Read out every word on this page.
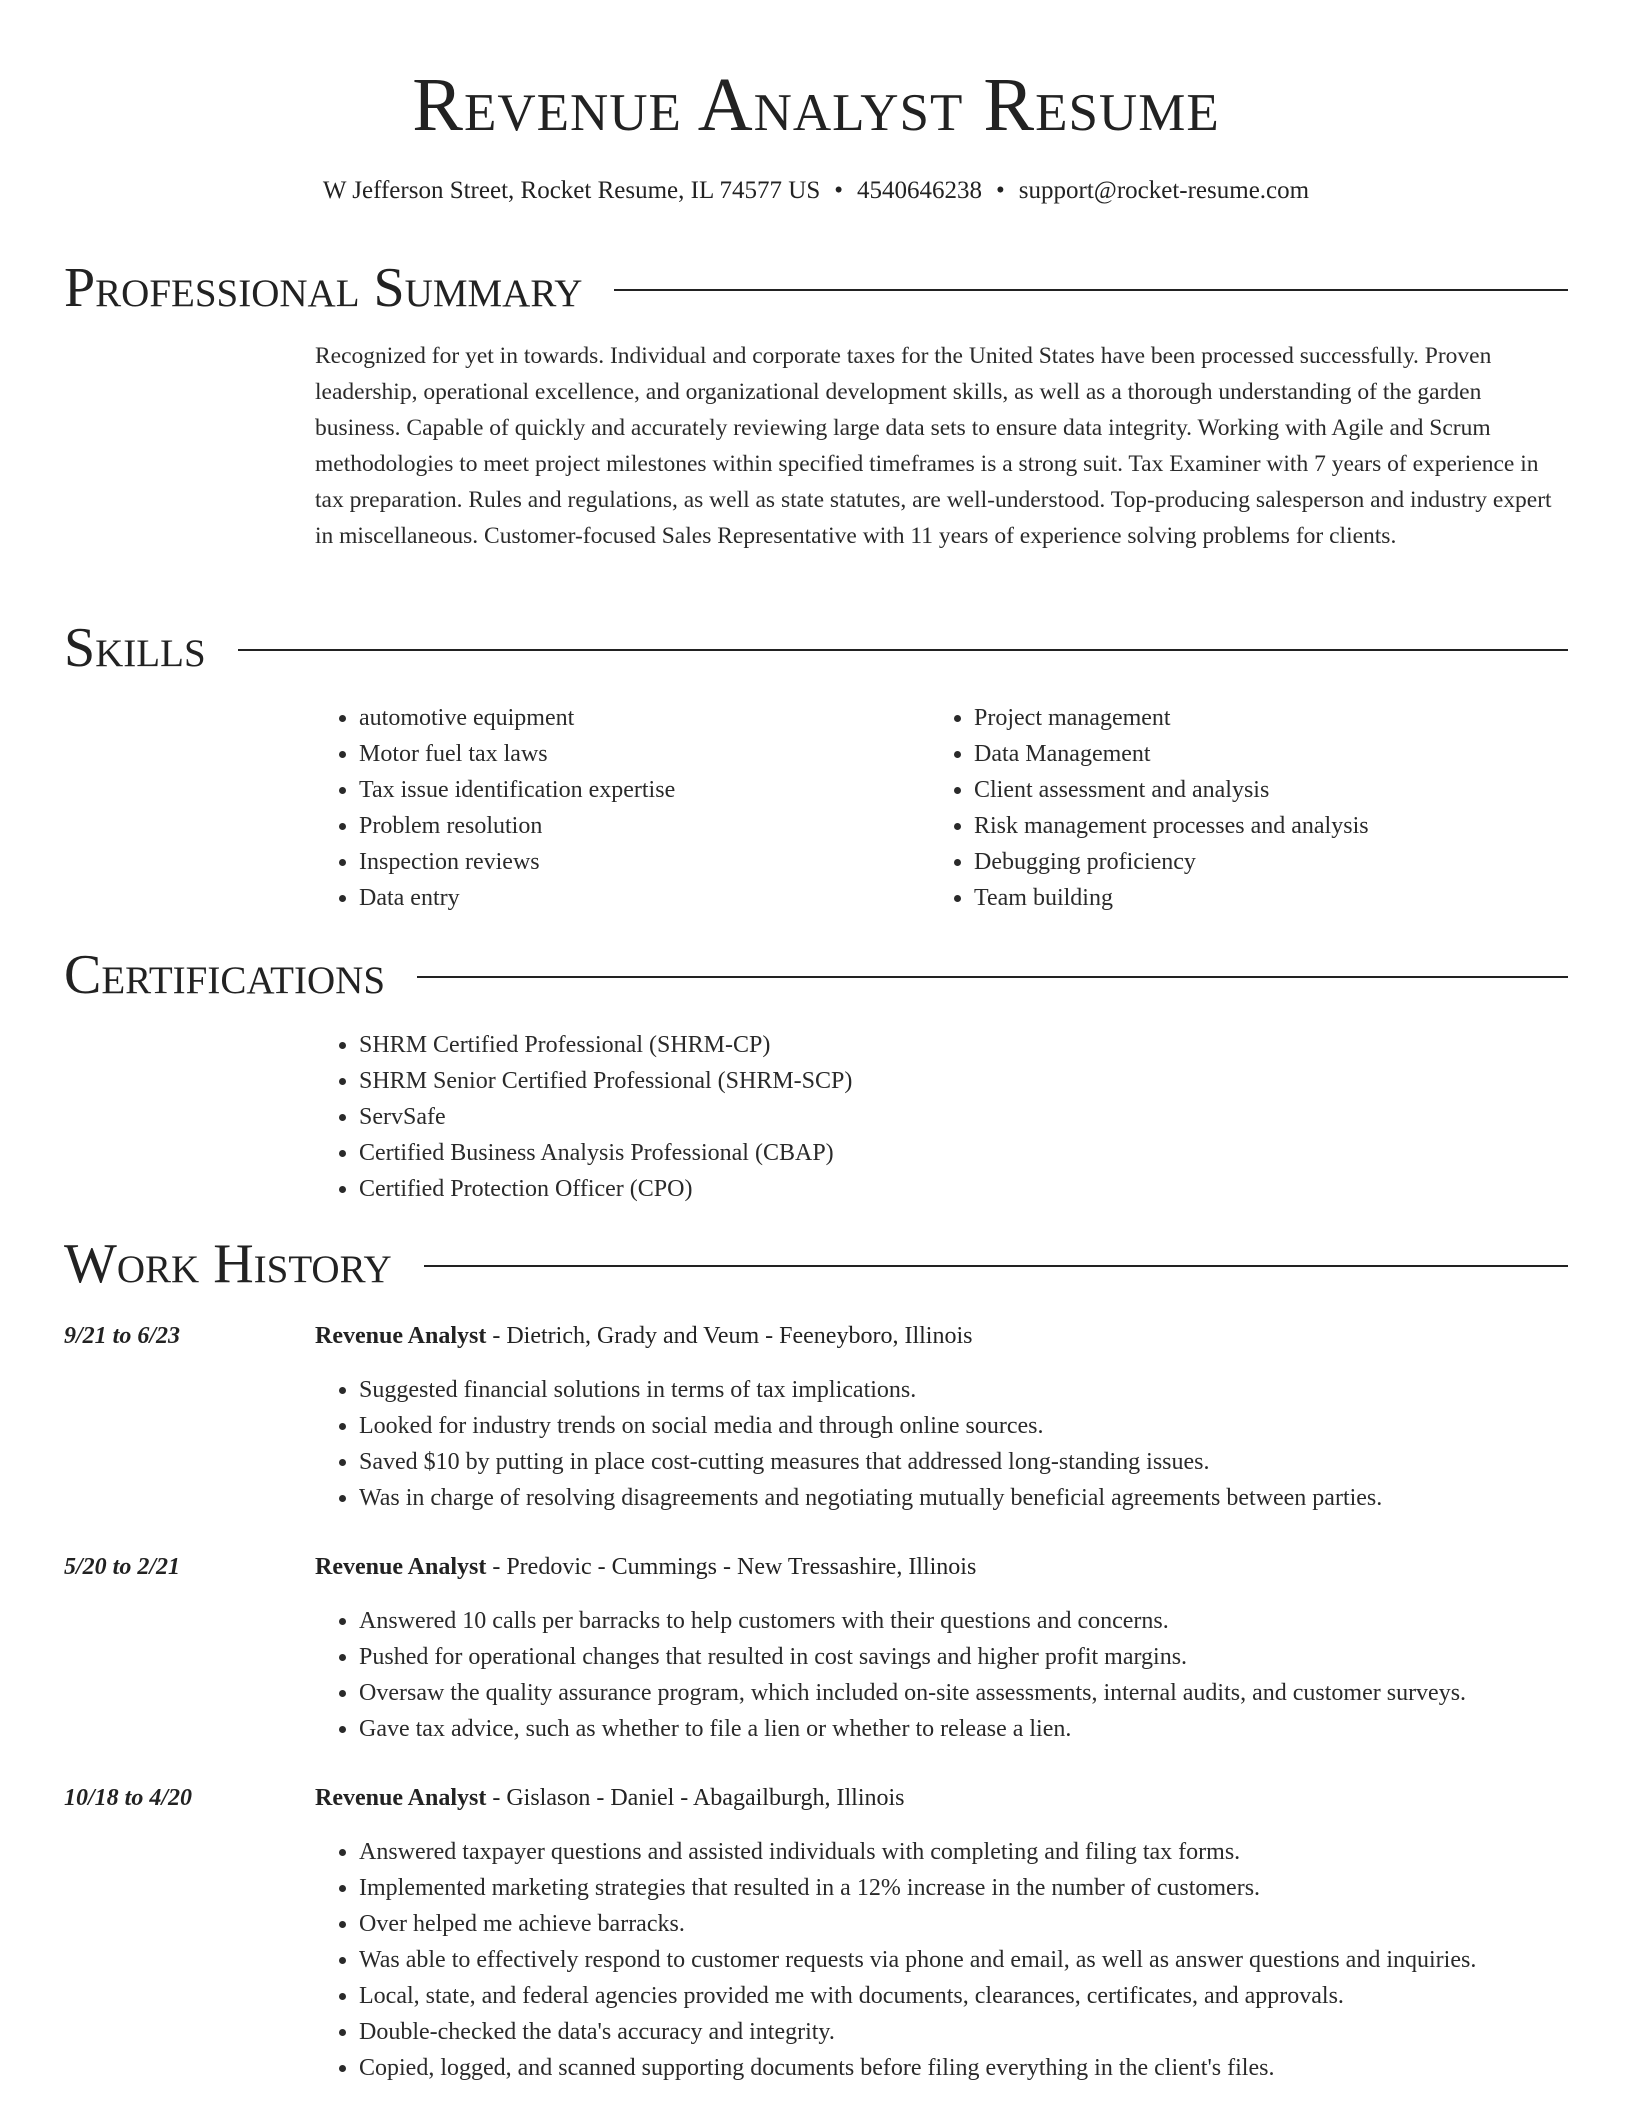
Revenue Analyst Resume
W Jefferson Street, Rocket Resume, IL 74577 US • 4540646238 • support@rocket-resume.com
Professional Summary

Recognized for yet in towards. Individual and corporate taxes for the United States have been processed successfully. Proven leadership, operational excellence, and organizational development skills, as well as a thorough understanding of the garden business. Capable of quickly and accurately reviewing large data sets to ensure data integrity. Working with Agile and Scrum methodologies to meet project milestones within specified timeframes is a strong suit. Tax Examiner with 7 years of experience in tax preparation. Rules and regulations, as well as state statutes, are well-understood. Top-producing salesperson and industry expert in miscellaneous. Customer-focused Sales Representative with 11 years of experience solving problems for clients.

Skills
• automotive equipment
• Motor fuel tax laws
• Tax issue identification expertise
• Problem resolution
• Inspection reviews
• Data entry
• Project management
• Data Management
• Client assessment and analysis
• Risk management processes and analysis
• Debugging proficiency
• Team building
Certifications
• SHRM Certified Professional (SHRM-CP)
• SHRM Senior Certified Professional (SHRM-SCP)
• ServSafe
• Certified Business Analysis Professional (CBAP)
• Certified Protection Officer (CPO)
Work History
9/21 to 6/23	Revenue Analyst - Dietrich, Grady and Veum - Feeneyboro, Illinois
• Suggested financial solutions in terms of tax implications.
• Looked for industry trends on social media and through online sources.
• Saved $10 by putting in place cost-cutting measures that addressed long-standing issues.
• Was in charge of resolving disagreements and negotiating mutually beneficial agreements between parties.
5/20 to 2/21	Revenue Analyst - Predovic - Cummings - New Tressashire, Illinois
• Answered 10 calls per barracks to help customers with their questions and concerns.
• Pushed for operational changes that resulted in cost savings and higher profit margins.
• Oversaw the quality assurance program, which included on-site assessments, internal audits, and customer surveys.
• Gave tax advice, such as whether to file a lien or whether to release a lien.
10/18 to 4/20	Revenue Analyst - Gislason - Daniel - Abagailburgh, Illinois
• Answered taxpayer questions and assisted individuals with completing and filing tax forms.
• Implemented marketing strategies that resulted in a 12% increase in the number of customers.
• Over helped me achieve barracks.
• Was able to effectively respond to customer requests via phone and email, as well as answer questions and inquiries.
• Local, state, and federal agencies provided me with documents, clearances, certificates, and approvals.
• Double-checked the data's accuracy and integrity.
• Copied, logged, and scanned supporting documents before filing everything in the client's files.
